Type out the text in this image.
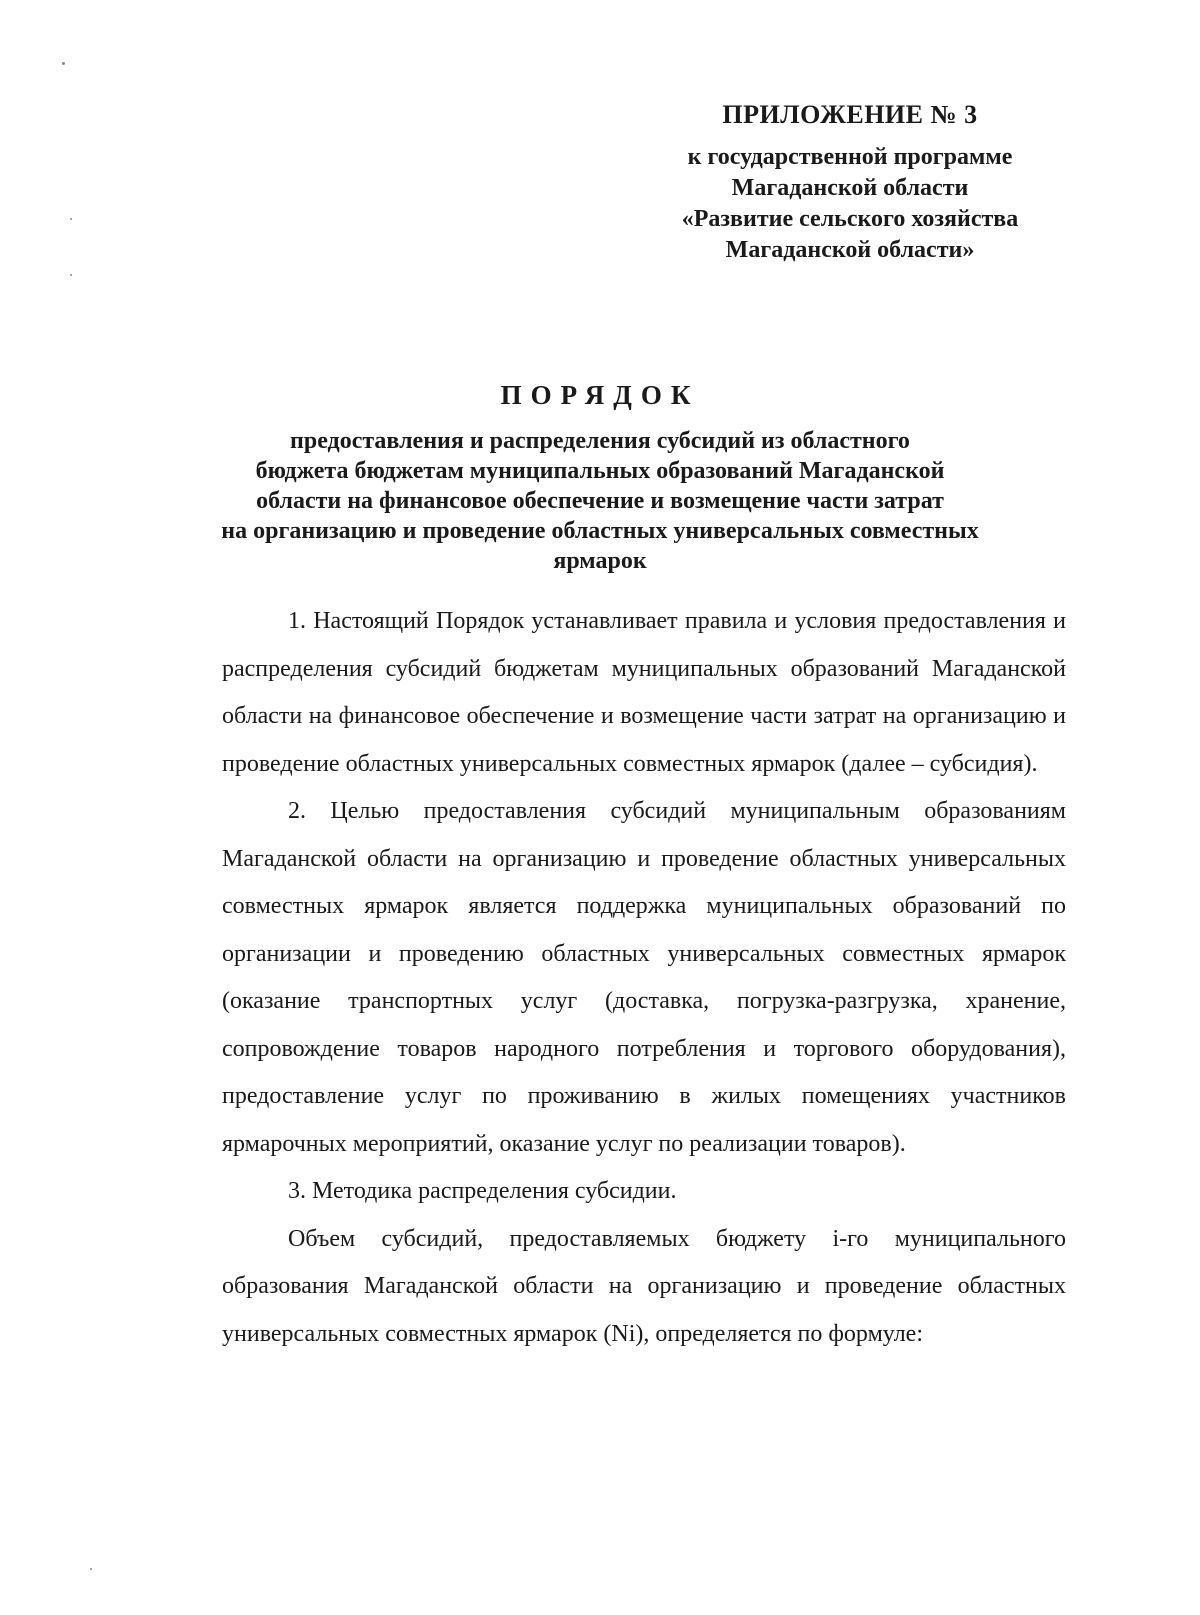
ПРИЛОЖЕНИЕ № 3
к государственной программе
Магаданской области
«Развитие сельского хозяйства
Магаданской области»
ПОРЯДОК
предоставления и распределения субсидий из областного
бюджета бюджетам муниципальных образований Магаданской
области на финансовое обеспечение и возмещение части затрат
на организацию и проведение областных универсальных совместных
ярмарок

1. Настоящий Порядок устанавливает правила и условия предоставления и распределения субсидий бюджетам муниципальных образований Магаданской области на финансовое обеспечение и возмещение части затрат на организацию и проведение областных универсальных совместных ярмарок (далее – субсидия).

2. Целью предоставления субсидий муниципальным образованиям Магаданской области на организацию и проведение областных универсальных совместных ярмарок является поддержка муниципальных образований по организации и проведению областных универсальных совместных ярмарок (оказание транспортных услуг (доставка, погрузка-разгрузка, хранение, сопровождение товаров народного потребления и торгового оборудования), предоставление услуг по проживанию в жилых помещениях участников ярмарочных мероприятий, оказание услуг по реализации товаров).

3. Методика распределения субсидии.

Объем субсидий, предоставляемых бюджету i-го муниципального образования Магаданской области на организацию и проведение областных универсальных совместных ярмарок (Ni), определяется по формуле:
